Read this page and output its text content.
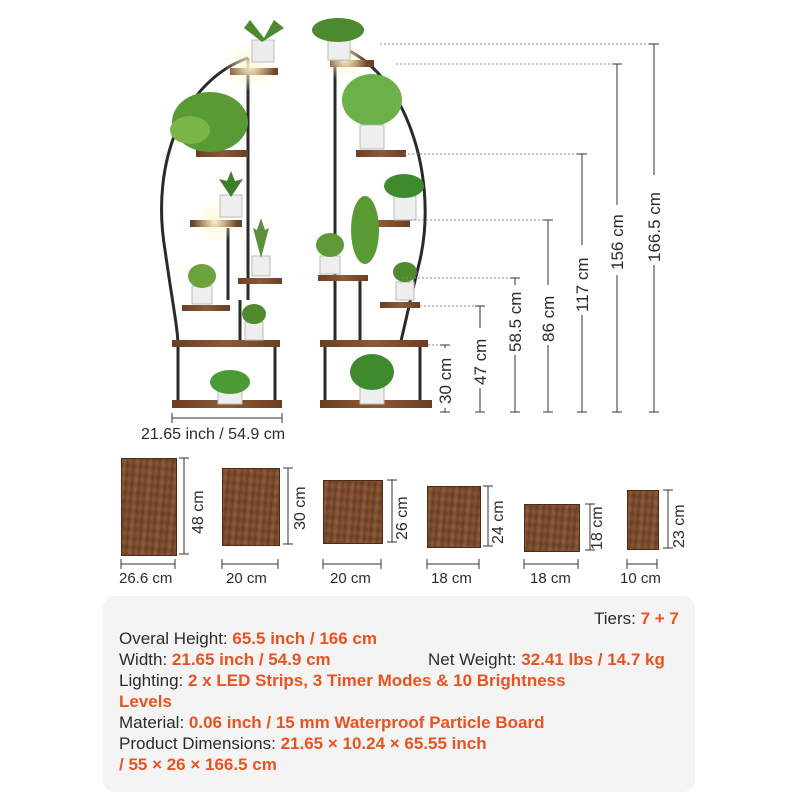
21.65 inch / 54.9 cm
30 cm 47 cm
58.5 cm 86 cm
117 cm
156 cm 166.5 cm
48 cm
26.6 cm
30 cm
20 cm
26 cm
20 cm
24 cm
18 cm
18 cm
18 cm
23 cm
10 cm
Tiers: 7 + 7
Overal Height: 65.5 inch / 166 cm
Width: 21.65 inch / 54.9 cm	Net Weight: 32.41 lbs / 14.7 kg
Lighting: 2 x LED Strips, 3 Timer Modes & 10 Brightness
Levels
Material: 0.06 inch / 15 mm Waterproof Particle Board
Product Dimensions: 21.65 × 10.24 × 65.55 inch
/ 55 × 26 × 166.5 cm
